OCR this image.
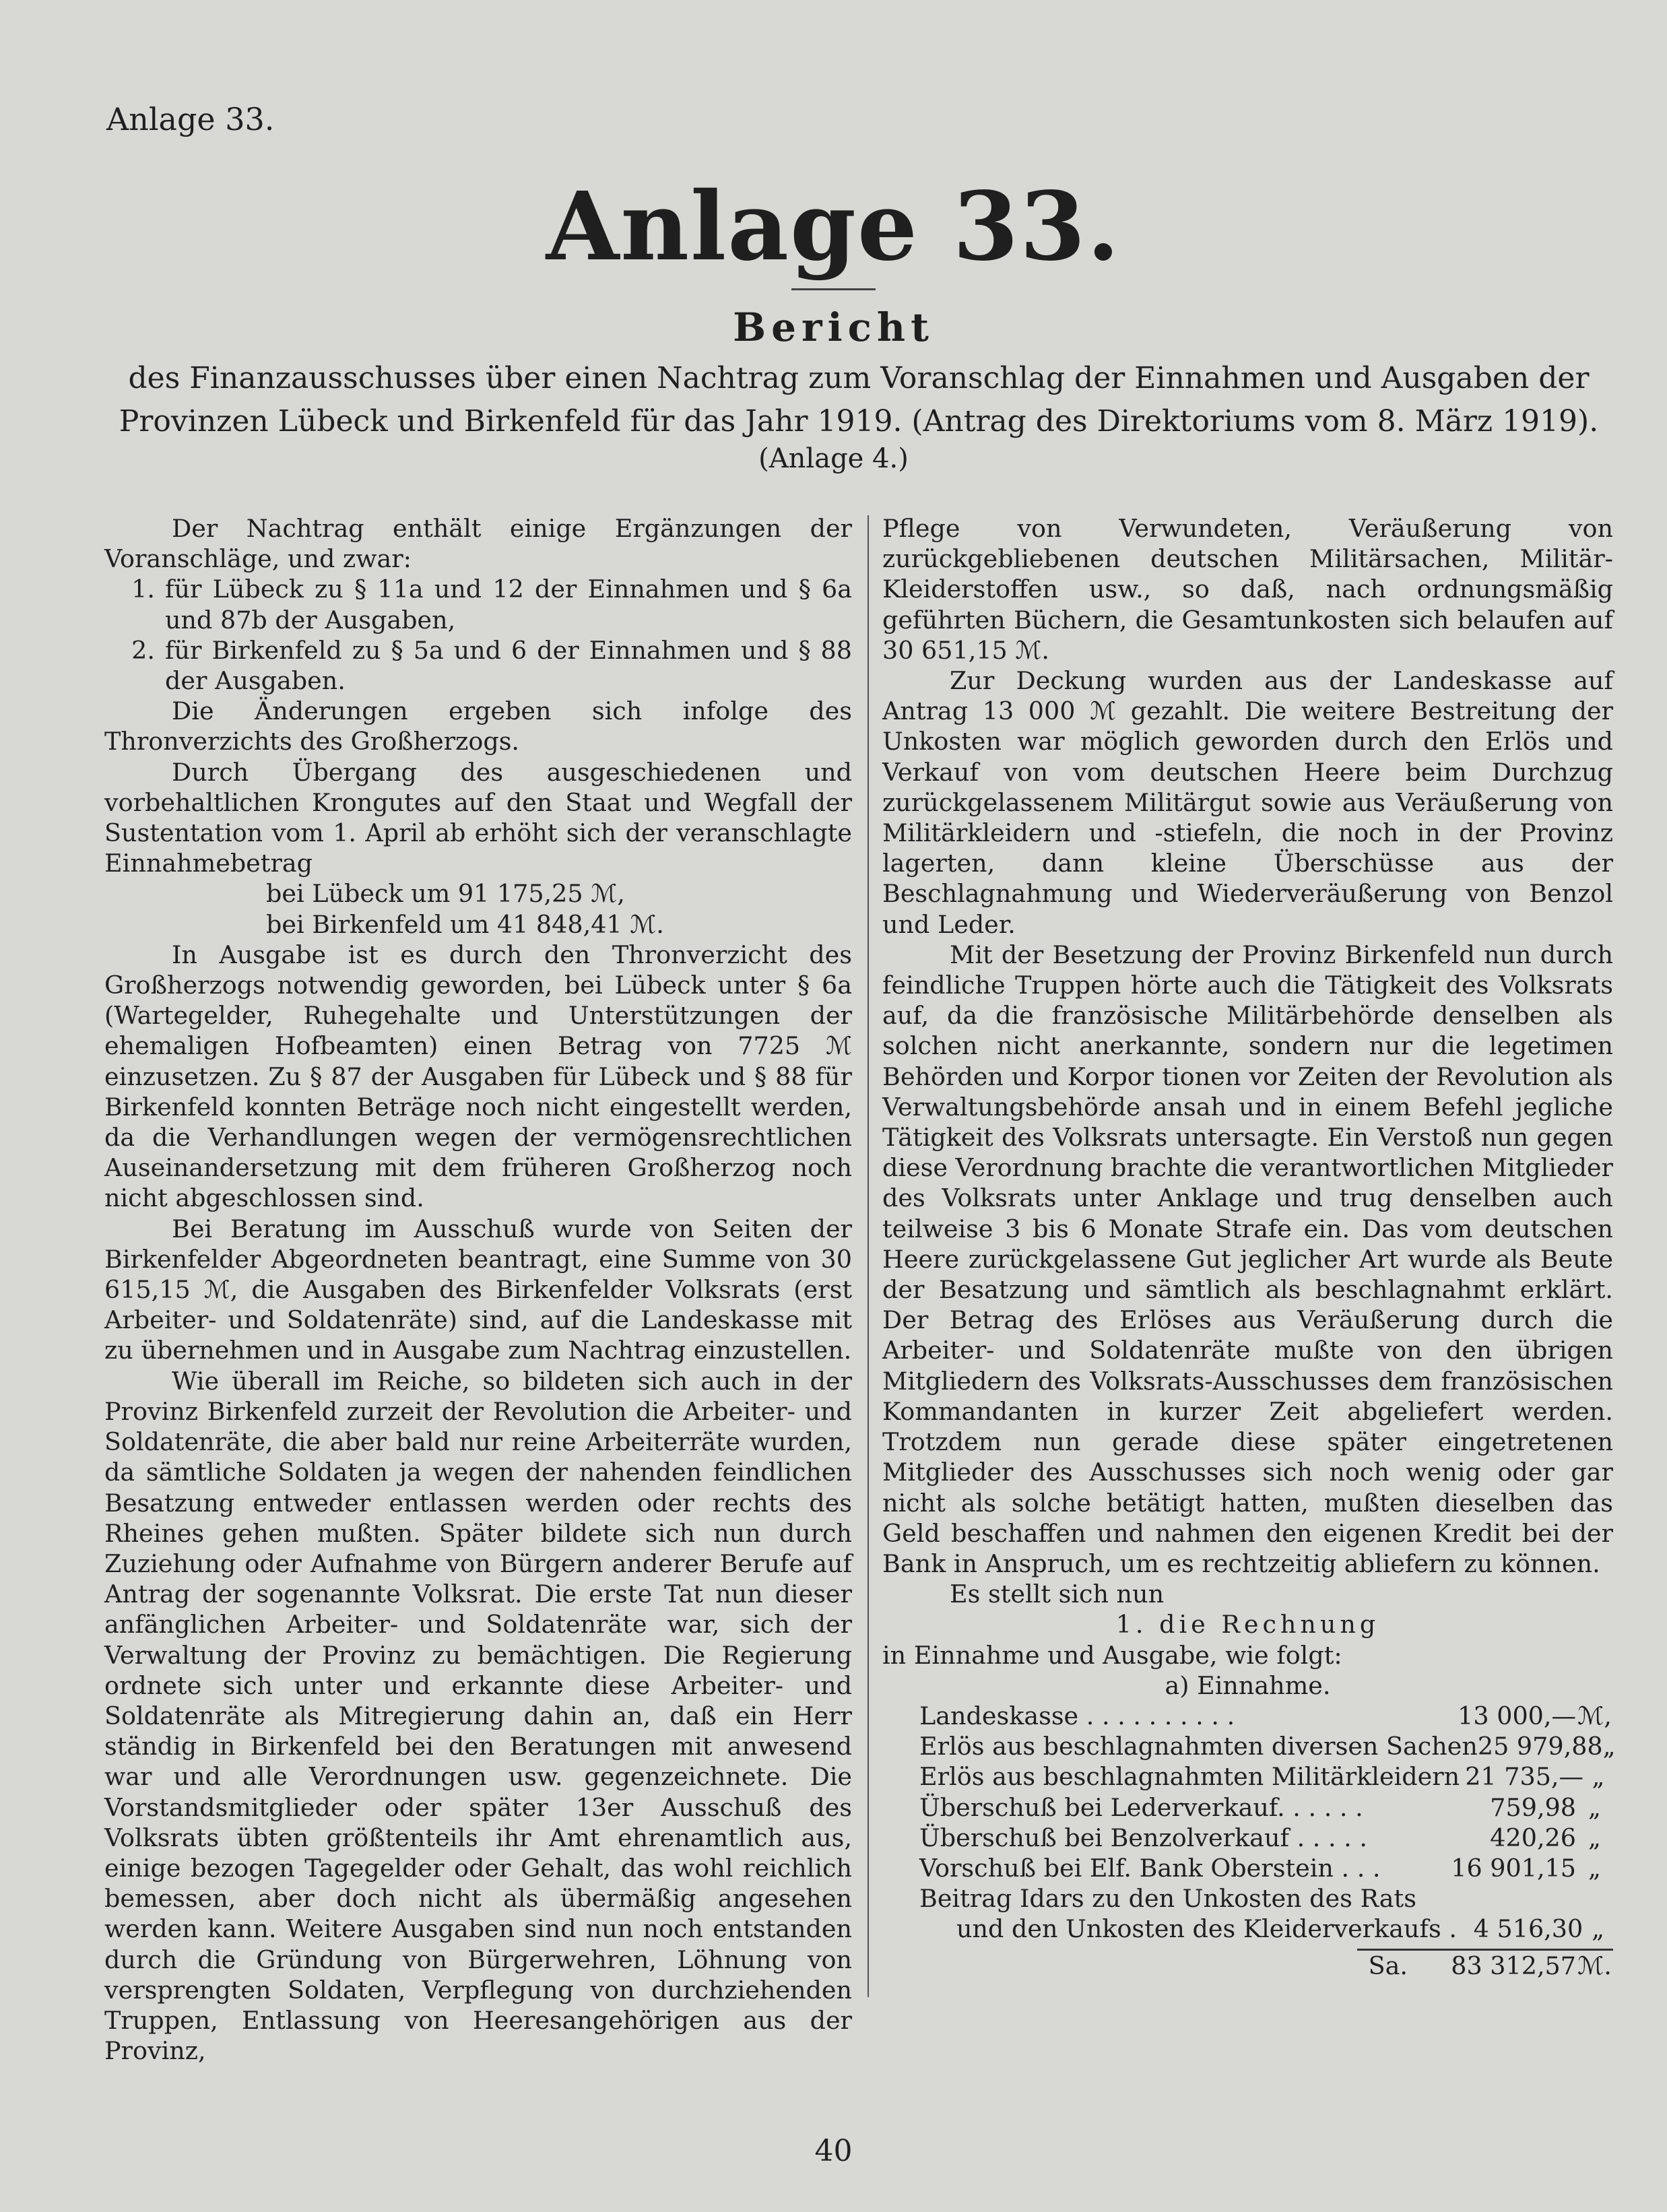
Anlage 33.
Anlage 33.
Bericht
des Finanzausschusses über einen Nachtrag zum Voranschlag der Einnahmen und Ausgaben der Provinzen Lübeck und Birkenfeld für das Jahr 1919. (Antrag des Direktoriums vom 8. März 1919).
(Anlage 4.)

Der Nachtrag enthält einige Ergänzungen der Voranschläge, und zwar:

1. für Lübeck zu § 11a und 12 der Einnahmen und § 6a und 87b der Ausgaben,
2. für Birkenfeld zu § 5a und 6 der Einnahmen und § 88 der Ausgaben.

Die Änderungen ergeben sich infolge des Thronverzichts des Großherzogs.

Durch Übergang des ausgeschiedenen und vorbehaltlichen Krongutes auf den Staat und Wegfall der Sustentation vom 1. April ab erhöht sich der veranschlagte Einnahmebetrag

bei Lübeck um 91 175,25 ℳ,
bei Birkenfeld um 41 848,41 ℳ.

In Ausgabe ist es durch den Thronverzicht des Großherzogs notwendig geworden, bei Lübeck unter § 6a (Wartegelder, Ruhegehalte und Unterstützungen der ehemaligen Hofbeamten) einen Betrag von 7725 ℳ einzusetzen. Zu § 87 der Ausgaben für Lübeck und § 88 für Birkenfeld konnten Beträge noch nicht eingestellt werden, da die Verhandlungen wegen der vermögensrechtlichen Auseinandersetzung mit dem früheren Großherzog noch nicht abgeschlossen sind.

Bei Beratung im Ausschuß wurde von Seiten der Birkenfelder Abgeordneten beantragt, eine Summe von 30 615,15 ℳ, die Ausgaben des Birkenfelder Volksrats (erst Arbeiter- und Soldatenräte) sind, auf die Landeskasse mit zu übernehmen und in Ausgabe zum Nachtrag einzustellen.

Wie überall im Reiche, so bildeten sich auch in der Provinz Birkenfeld zurzeit der Revolution die Arbeiter- und Soldatenräte, die aber bald nur reine Arbeiterräte wurden, da sämtliche Soldaten ja wegen der nahenden feindlichen Besatzung entweder entlassen werden oder rechts des Rheines gehen mußten. Später bildete sich nun durch Zuziehung oder Aufnahme von Bürgern anderer Berufe auf Antrag der sogenannte Volksrat. Die erste Tat nun dieser anfänglichen Arbeiter- und Soldatenräte war, sich der Verwaltung der Provinz zu bemächtigen. Die Regierung ordnete sich unter und erkannte diese Arbeiter- und Soldatenräte als Mitregierung dahin an, daß ein Herr ständig in Birkenfeld bei den Beratungen mit anwesend war und alle Verordnungen usw. gegenzeichnete. Die Vorstandsmitglieder oder später 13er Ausschuß des Volksrats übten größtenteils ihr Amt ehrenamtlich aus, einige bezogen Tagegelder oder Gehalt, das wohl reichlich bemessen, aber doch nicht als übermäßig angesehen werden kann. Weitere Ausgaben sind nun noch entstanden durch die Gründung von Bürgerwehren, Löhnung von versprengten Soldaten, Verpflegung von durchziehenden Truppen, Entlassung von Heeresangehörigen aus der Provinz,

Pflege von Verwundeten, Veräußerung von zurückgebliebenen deutschen Militärsachen, Militär-Kleiderstoffen usw., so daß, nach ordnungsmäßig geführten Büchern, die Gesamtunkosten sich belaufen auf 30 651,15 ℳ.

Zur Deckung wurden aus der Landeskasse auf Antrag 13 000 ℳ gezahlt. Die weitere Bestreitung der Unkosten war möglich geworden durch den Erlös und Verkauf von vom deutschen Heere beim Durchzug zurückgelassenem Militärgut sowie aus Veräußerung von Militärkleidern und -stiefeln, die noch in der Provinz lagerten, dann kleine Überschüsse aus der Beschlagnahmung und Wiederveräußerung von Benzol und Leder.

Mit der Besetzung der Provinz Birkenfeld nun durch feindliche Truppen hörte auch die Tätigkeit des Volksrats auf, da die französische Militärbehörde denselben als solchen nicht anerkannte, sondern nur die legetimen Behörden und Korpor tionen vor Zeiten der Revolution als Verwaltungsbehörde ansah und in einem Befehl jegliche Tätigkeit des Volksrats untersagte. Ein Verstoß nun gegen diese Verordnung brachte die verantwortlichen Mitglieder des Volksrats unter Anklage und trug denselben auch teilweise 3 bis 6 Monate Strafe ein. Das vom deutschen Heere zurückgelassene Gut jeglicher Art wurde als Beute der Besatzung und sämtlich als beschlagnahmt erklärt. Der Betrag des Erlöses aus Veräußerung durch die Arbeiter- und Soldatenräte mußte von den übrigen Mitgliedern des Volksrats-Ausschusses dem französischen Kommandanten in kurzer Zeit abgeliefert werden. Trotzdem nun gerade diese später eingetretenen Mitglieder des Ausschusses sich noch wenig oder gar nicht als solche betätigt hatten, mußten dieselben das Geld beschaffen und nahmen den eigenen Kredit bei der Bank in Anspruch, um es rechtzeitig abliefern zu können.

Es stellt sich nun

1. die Rechnung
in Einnahme und Ausgabe, wie folgt:
a) Einnahme.
Landeskasse . . . . . . . . . .	13 000,— ℳ,
Erlös aus beschlagnahmten diversen Sachen 25 979,88 „
Erlös aus beschlagnahmten Militärkleidern 21 735,— „
Überschuß bei Lederverkauf. . . . . .	759,98 „
Überschuß bei Benzolverkauf . . . . .	420,26 „
Vorschuß bei Elf. Bank Oberstein . . .	16 901,15 „
Beitrag Idars zu den Unkosten des Rats
und den Unkosten des Kleiderverkaufs . 4 516,30 „
Sa.	83 312,57 ℳ.
40
